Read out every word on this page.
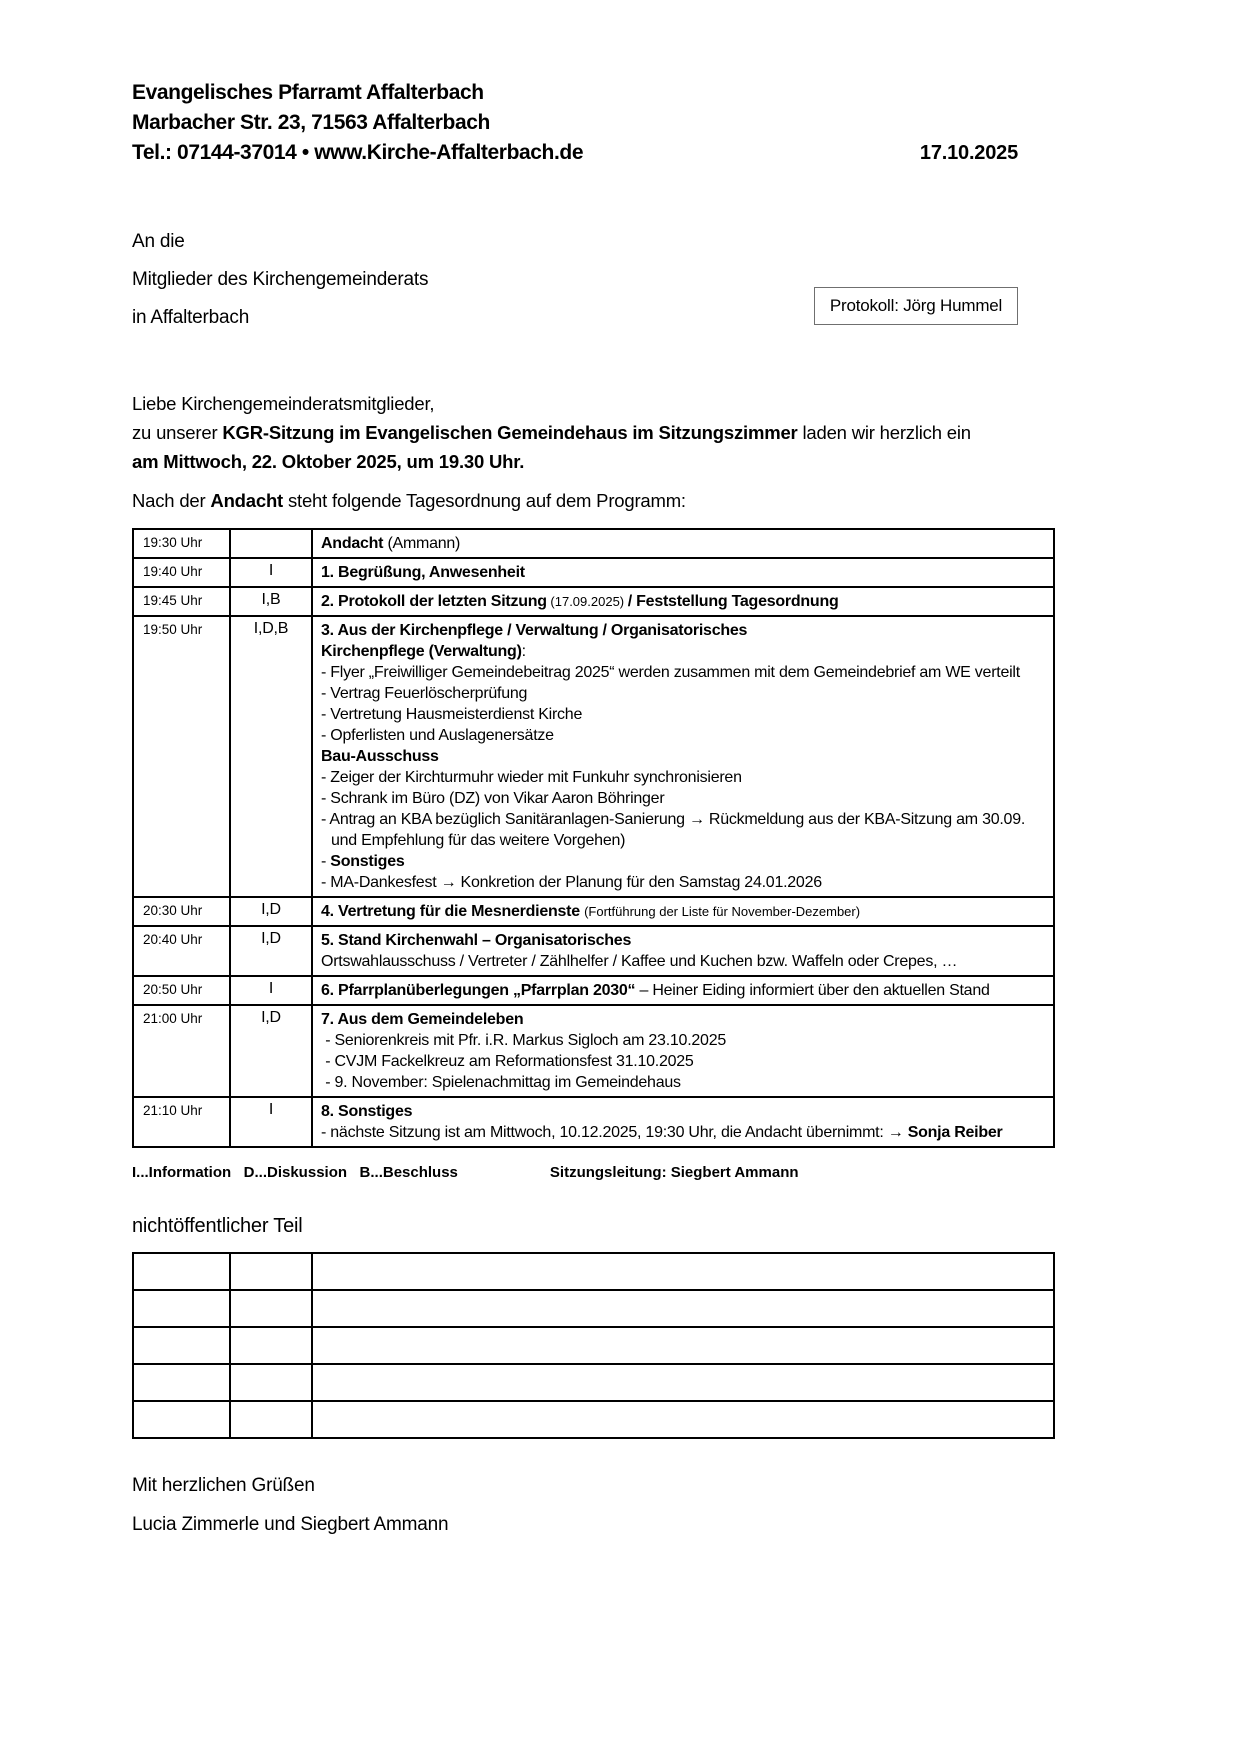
Evangelisches Pfarramt Affalterbach
Marbacher Str. 23, 71563 Affalterbach
Tel.: 07144-37014 • www.Kirche-Affalterbach.de	17.10.2025
An die
Mitglieder des Kirchengemeinderats
in Affalterbach
Protokoll: Jörg Hummel
Liebe Kirchengemeinderatsmitglieder,
zu unserer KGR-Sitzung im Evangelischen Gemeindehaus im Sitzungszimmer laden wir herzlich ein
am Mittwoch, 22. Oktober 2025, um 19.30 Uhr.
Nach der Andacht steht folgende Tagesordnung auf dem Programm:
19:30 Uhr		Andacht (Ammann)

19:40 Uhr	I	1. Begrüßung, Anwesenheit

19:45 Uhr	I,B	2. Protokoll der letzten Sitzung (17.09.2025) / Feststellung Tagesordnung

19:50 Uhr	I,D,B	3. Aus der Kirchenpflege / Verwaltung / Organisatorisches
Kirchenpflege (Verwaltung):
- Flyer „Freiwilliger Gemeindebeitrag 2025“ werden zusammen mit dem Gemeindebrief am WE verteilt
- Vertrag Feuerlöscherprüfung
- Vertretung Hausmeisterdienst Kirche
- Opferlisten und Auslagenersätze
Bau-Ausschuss
- Zeiger der Kirchturmuhr wieder mit Funkuhr synchronisieren
- Schrank im Büro (DZ) von Vikar Aaron Böhringer
- Antrag an KBA bezüglich Sanitäranlagen-Sanierung → Rückmeldung aus der KBA-Sitzung am 30.09.
und Empfehlung für das weitere Vorgehen)
- Sonstiges
- MA-Dankesfest → Konkretion der Planung für den Samstag 24.01.2026

20:30 Uhr	I,D	4. Vertretung für die Mesnerdienste (Fortführung der Liste für November-Dezember)

20:40 Uhr	I,D	5. Stand Kirchenwahl – Organisatorisches
Ortswahlausschuss / Vertreter / Zählhelfer / Kaffee und Kuchen bzw. Waffeln oder Crepes, …

20:50 Uhr	I	6. Pfarrplanüberlegungen „Pfarrplan 2030“ – Heiner Eiding informiert über den aktuellen Stand

21:00 Uhr	I,D	7. Aus dem Gemeindeleben
- Seniorenkreis mit Pfr. i.R. Markus Sigloch am 23.10.2025
- CVJM Fackelkreuz am Reformationsfest 31.10.2025
- 9. November: Spielenachmittag im Gemeindehaus

21:10 Uhr	I	8. Sonstiges
- nächste Sitzung ist am Mittwoch, 10.12.2025, 19:30 Uhr, die Andacht übernimmt: → Sonja Reiber
I...Information   D...Diskussion   B...Beschluss	Sitzungsleitung: Siegbert Ammann
nichtöffentlicher Teil

Mit herzlichen Grüßen
Lucia Zimmerle und Siegbert Ammann
